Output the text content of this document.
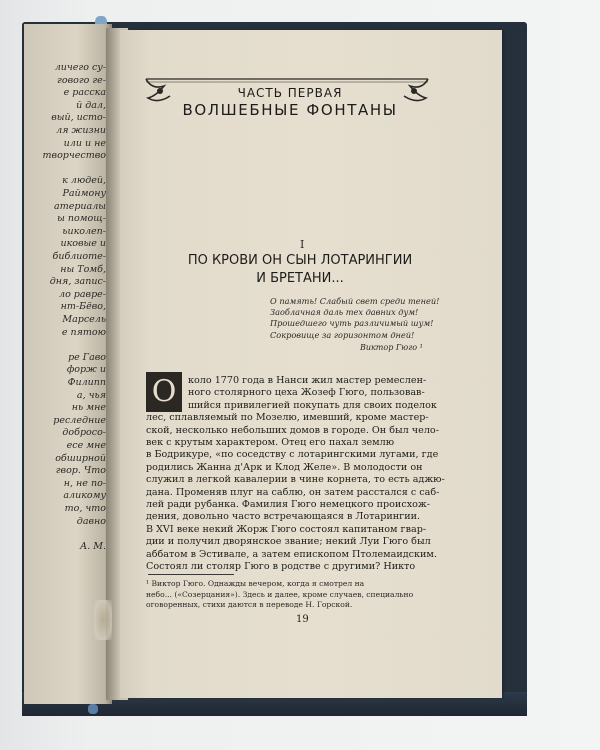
личего су-
гового ге-
е расска
й дал,
вый, исто-
ля жизни
или и не
творчество
к людей,
Раймону
атериалы
ы помощ-
ьиколеп-
иковые и
библиоте-
ны Томб,
дня, запис-
ло равре-
нт-Бёво,
Марсель
е пятою
ре Гаво
форж и
Филипп
а, чья
нь мне
реследние
добросо-
есе мне
обширной
гвор. Что
н, не по-
аликому
то, что
давно
А. М.
ЧАСТЬ ПЕРВАЯ
ВОЛШЕБНЫЕ ФОНТАНЫ
I
ПО КРОВИ ОН СЫН ЛОТАРИНГИИ
И БРЕТАНИ...
О память! Слабый свет среди теней!
Заоблачная даль тех давних дум!
Прошедшего чуть различимый шум!
Сокровище за горизонтом дней!
Виктор Гюго ¹
О	коло 1770 года в Нанси жил мастер ремеслен-
ного столярного цеха Жозеф Гюго, пользовав-
шийся привилегией покупать для своих поделок
лес, сплавляемый по Мозелю, имевший, кроме мастер-
ской, несколько небольших домов в городе. Он был чело-
век с крутым характером. Отец его пахал землю
в Бодрикуре, «по соседству с лотарингскими лугами, где
родились Жанна д'Арк и Клод Желе». В молодости он
служил в легкой кавалерии в чине корнета, то есть аджю-
дана. Променяв плуг на саблю, он затем расстался с саб-
лей ради рубанка. Фамилия Гюго немецкого происхож-
дения, довольно часто встречающаяся в Лотарингии.
В XVI веке некий Жорж Гюго состоял капитаном гвар-
дии и получил дворянское звание; некий Луи Гюго был
аббатом в Эстивале, а затем епископом Птолемаидским.
Состоял ли столяр Гюго в родстве с другими? Никто
¹ Виктор Гюго. Однажды вечером, когда я смотрел на
небо... («Созерцания»). Здесь и далее, кроме случаев, специально
оговоренных, стихи даются в переводе Н. Горской.
19
